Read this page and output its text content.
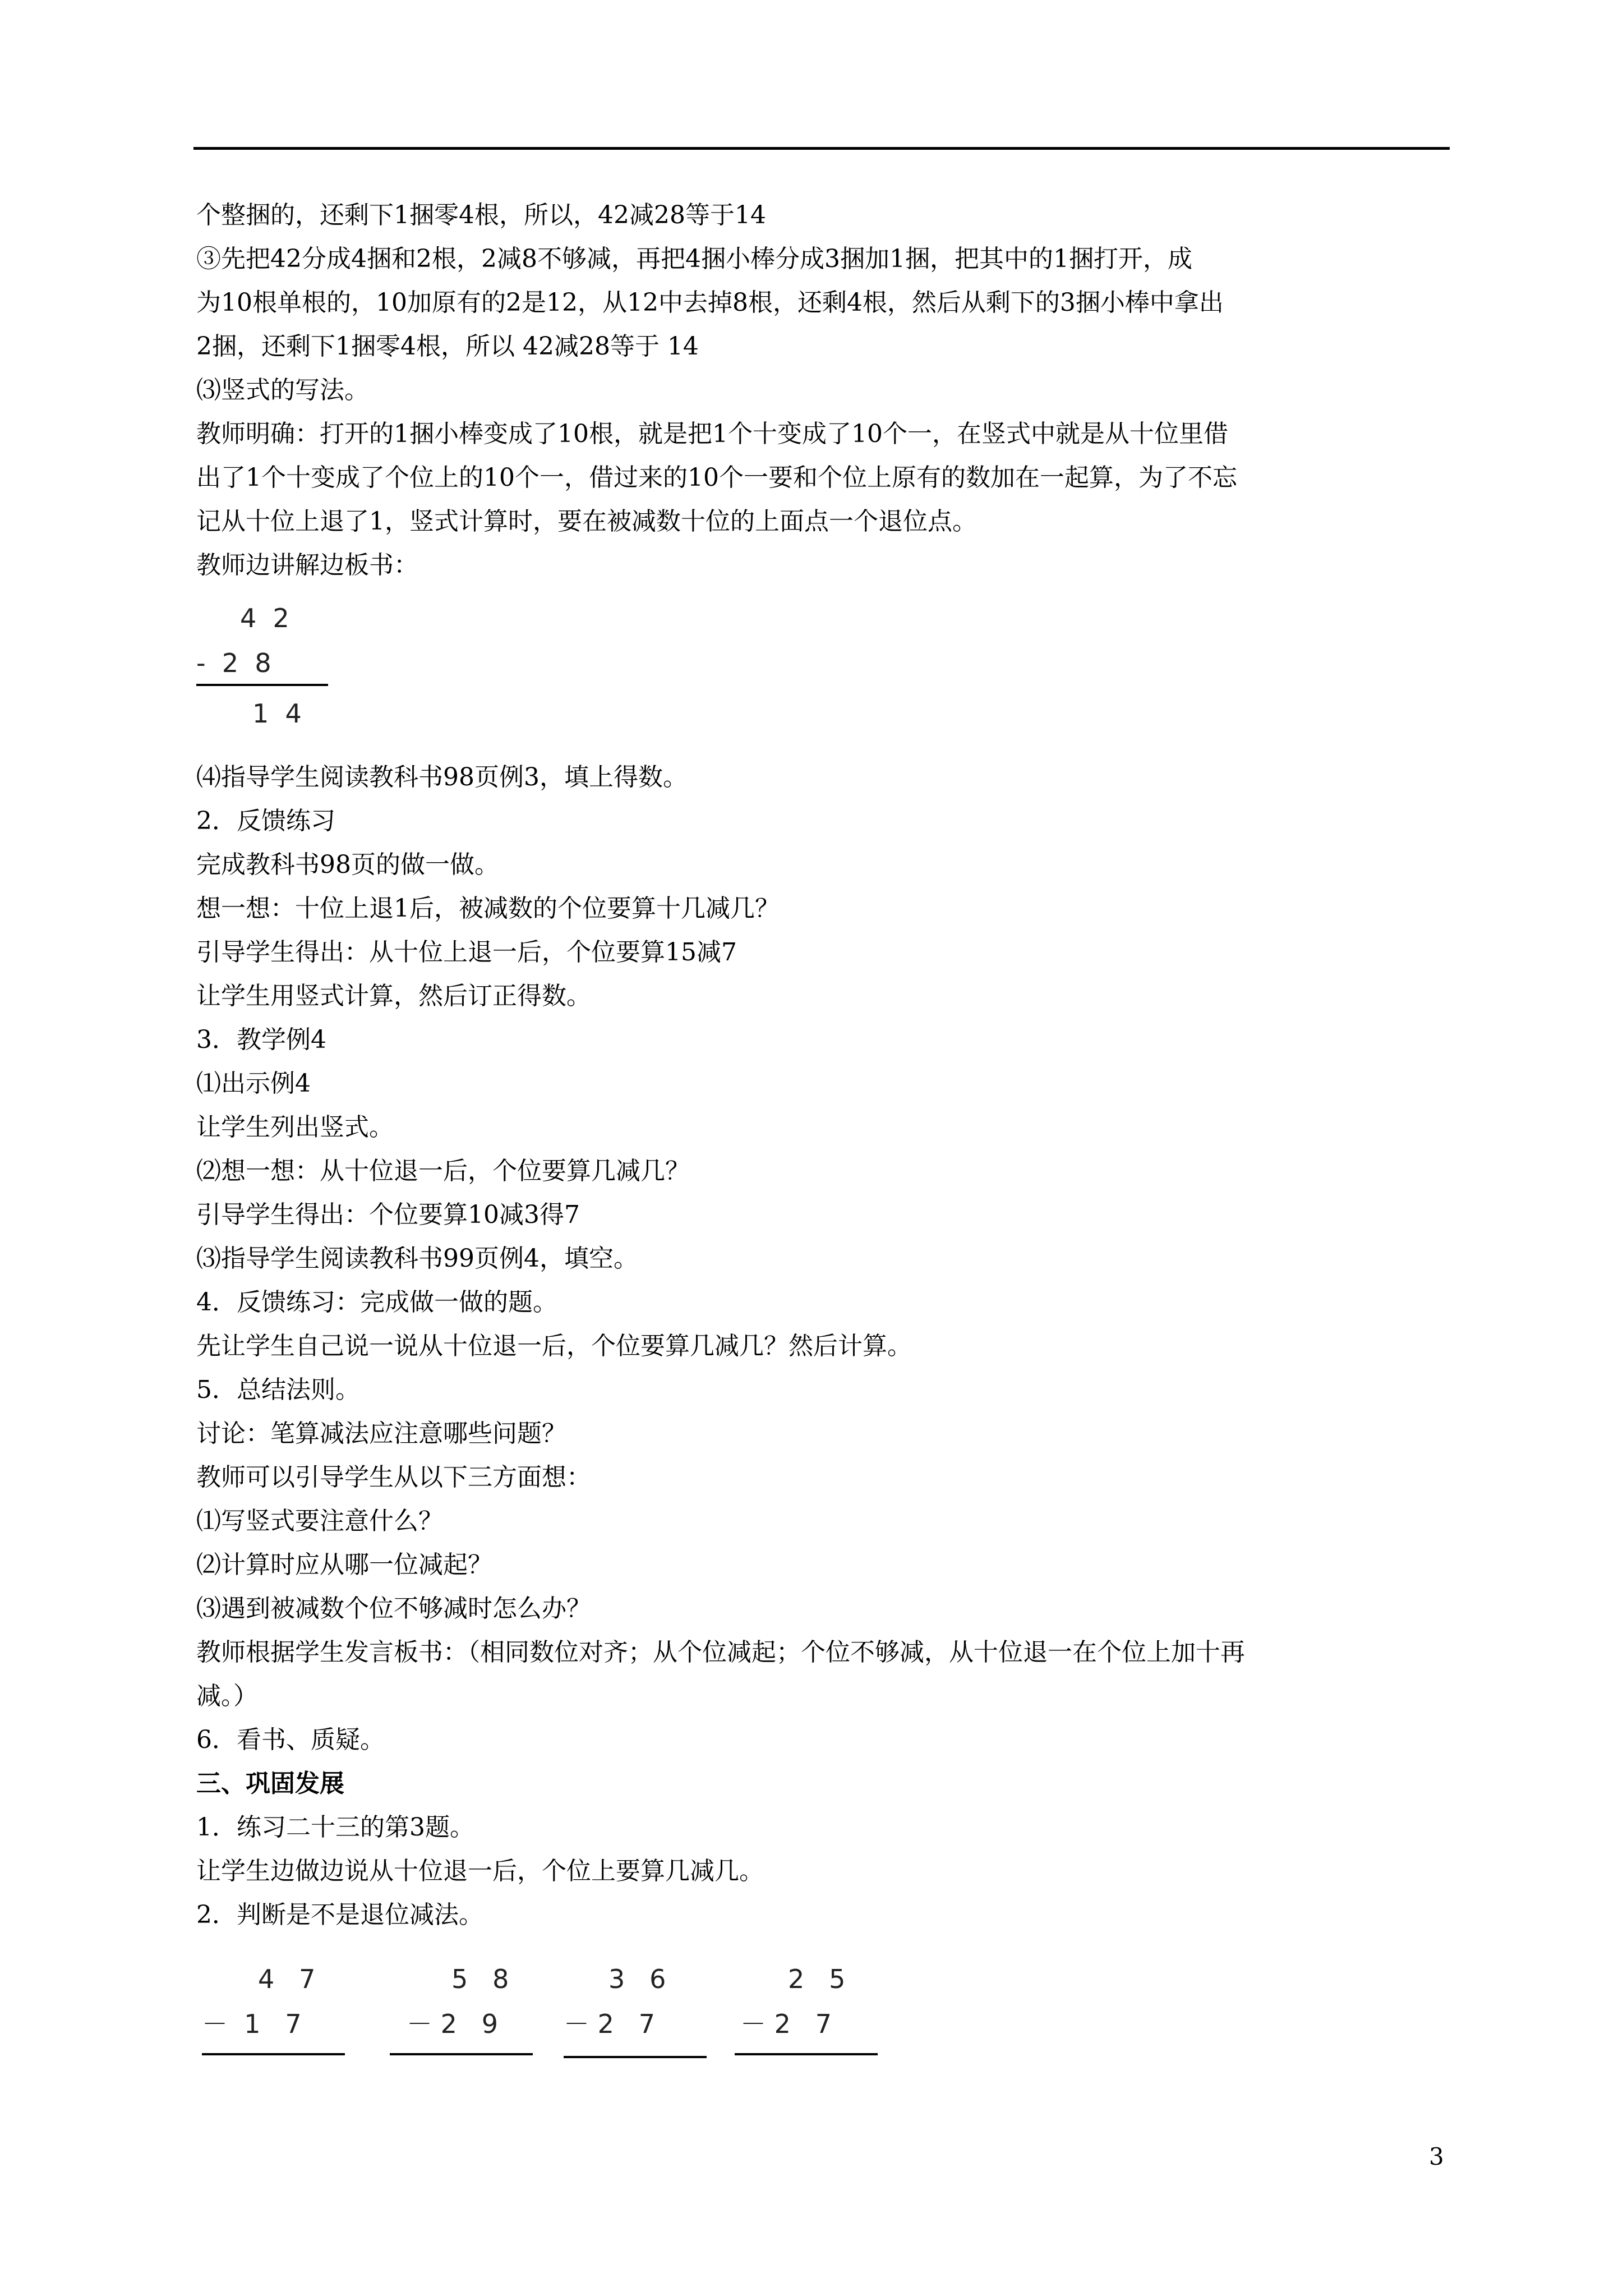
个整捆的，还剩下1捆零4根，所以，42减28等于14
③先把42分成4捆和2根，2减8不够减，再把4捆小棒分成3捆加1捆，把其中的1捆打开，成
为10根单根的，10加原有的2是12，从12中去掉8根，还剩4根，然后从剩下的3捆小棒中拿出
2捆，还剩下1捆零4根，所以 42减28等于 14
⑶竖式的写法。
教师明确：打开的1捆小棒变成了10根，就是把1个十变成了10个一，在竖式中就是从十位里借
出了1个十变成了个位上的10个一，借过来的10个一要和个位上原有的数加在一起算，为了不忘
记从十位上退了1，竖式计算时，要在被减数十位的上面点一个退位点。
教师边讲解边板书：
4  2
-  2  8
1  4
⑷指导学生阅读教科书98页例3，填上得数。
2．反馈练习
完成教科书98页的做一做。
想一想：十位上退1后，被减数的个位要算十几减几？
引导学生得出：从十位上退一后，个位要算15减7
让学生用竖式计算，然后订正得数。
3．教学例4
⑴出示例4
让学生列出竖式。
⑵想一想：从十位退一后，个位要算几减几？
引导学生得出：个位要算10减3得7
⑶指导学生阅读教科书99页例4，填空。
4．反馈练习：完成做一做的题。
先让学生自己说一说从十位退一后，个位要算几减几？然后计算。
5．总结法则。
讨论：笔算减法应注意哪些问题？
教师可以引导学生从以下三方面想：
⑴写竖式要注意什么？
⑵计算时应从哪一位减起？
⑶遇到被减数个位不够减时怎么办？
教师根据学生发言板书：（相同数位对齐；从个位减起；个位不够减，从十位退一在个位上加十再
减。）
6．看书、质疑。
三、巩固发展
1．练习二十三的第3题。
让学生边做边说从十位退一后，个位上要算几减几。
2．判断是不是退位减法。
4   7
－  1   7
5   8
－ 2   9
3   6
－ 2   7
2   5
－ 2   7
3
